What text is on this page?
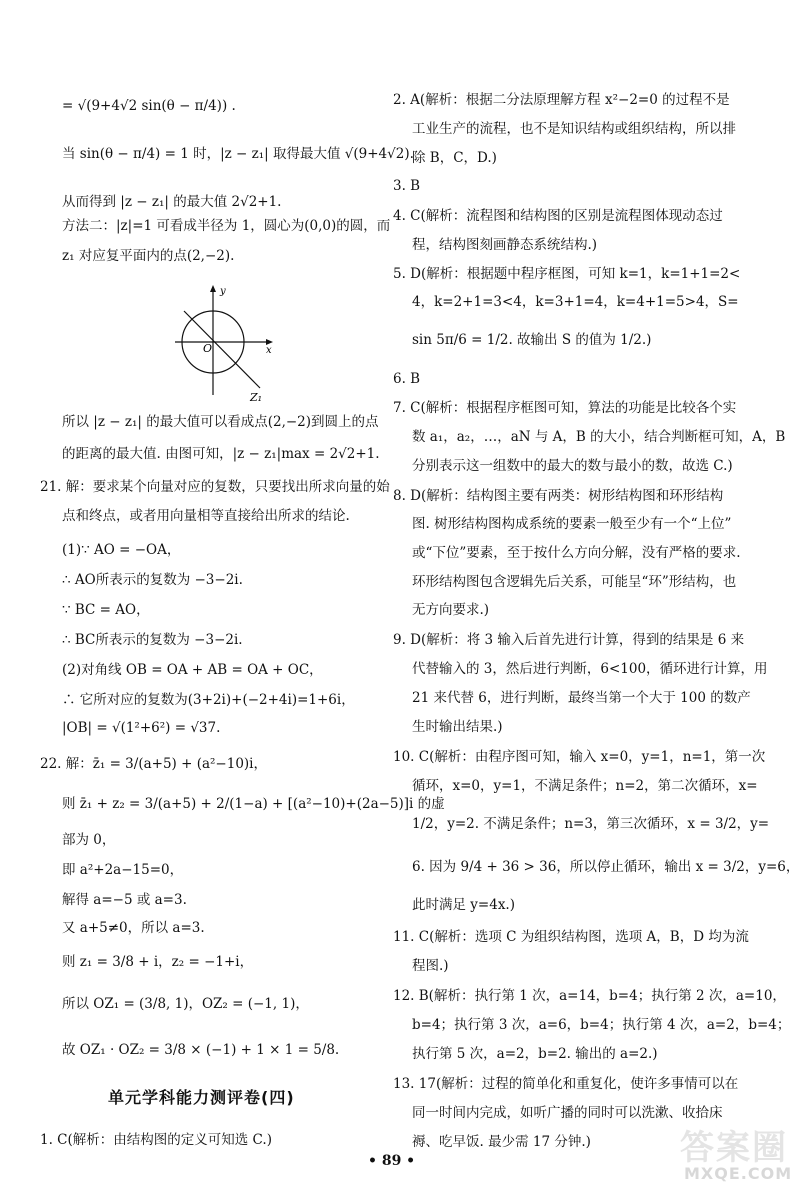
= √(9+4√2 sin(θ − π/4)) .
当 sin(θ − π/4) = 1 时，|z − z₁| 取得最大值 √(9+4√2).
从而得到 |z − z₁| 的最大值 2√2+1.
方法二：|z|=1 可看成半径为 1，圆心为(0,0)的圆，而
z₁ 对应复平面内的点(2,−2).
所以 |z − z₁| 的最大值可以看成点(2,−2)到圆上的点
的距离的最大值. 由图可知，|z − z₁|max = 2√2+1.
21. 解：要求某个向量对应的复数，只要找出所求向量的始
点和终点，或者用向量相等直接给出所求的结论.
(1)∵ AO = −OA，
∴ AO所表示的复数为 −3−2i.
∵ BC = AO，
∴ BC所表示的复数为 −3−2i.
(2)对角线 OB = OA + AB = OA + OC，
∴ 它所对应的复数为(3+2i)+(−2+4i)=1+6i，
|OB| = √(1²+6²) = √37.
22. 解：z̄₁ = 3/(a+5) + (a²−10)i，
则 z̄₁ + z₂ = 3/(a+5) + 2/(1−a) + [(a²−10)+(2a−5)]i 的虚
部为 0，
即 a²+2a−15=0，
解得 a=−5 或 a=3.
又 a+5≠0，所以 a=3.
则 z₁ = 3/8 + i，z₂ = −1+i，
所以 OZ₁ = (3/8, 1)，OZ₂ = (−1, 1)，
故 OZ₁ · OZ₂ = 3/8 × (−1) + 1 × 1 = 5/8.
单元学科能力测评卷(四)
1. C(解析：由结构图的定义可知选 C.)
y
x
O
Z₁
2. A(解析：根据二分法原理解方程 x²−2=0 的过程不是
工业生产的流程，也不是知识结构或组织结构，所以排
除 B，C，D.)
3. B
4. C(解析：流程图和结构图的区别是流程图体现动态过
程，结构图刻画静态系统结构.)
5. D(解析：根据题中程序框图，可知 k=1，k=1+1=2<
4，k=2+1=3<4，k=3+1=4，k=4+1=5>4，S=
sin 5π/6 = 1/2. 故输出 S 的值为 1/2.)
6. B
7. C(解析：根据程序框图可知，算法的功能是比较各个实
数 a₁，a₂，…，aN 与 A，B 的大小，结合判断框可知，A，B
分别表示这一组数中的最大的数与最小的数，故选 C.)
8. D(解析：结构图主要有两类：树形结构图和环形结构
图. 树形结构图构成系统的要素一般至少有一个“上位”
或“下位”要素，至于按什么方向分解，没有严格的要求.
环形结构图包含逻辑先后关系，可能呈“环”形结构，也
无方向要求.)
9. D(解析：将 3 输入后首先进行计算，得到的结果是 6 来
代替输入的 3，然后进行判断，6<100，循环进行计算，用
21 来代替 6，进行判断，最终当第一个大于 100 的数产
生时输出结果.)
10. C(解析：由程序图可知，输入 x=0，y=1，n=1，第一次
循环，x=0，y=1，不满足条件；n=2，第二次循环，x=
1/2，y=2. 不满足条件；n=3，第三次循环，x = 3/2，y=
6. 因为 9/4 + 36 > 36，所以停止循环，输出 x = 3/2，y=6，
此时满足 y=4x.)
11. C(解析：选项 C 为组织结构图，选项 A，B，D 均为流
程图.)
12. B(解析：执行第 1 次，a=14，b=4；执行第 2 次，a=10，
b=4；执行第 3 次，a=6，b=4；执行第 4 次，a=2，b=4；
执行第 5 次，a=2，b=2. 输出的 a=2.)
13. 17(解析：过程的简单化和重复化，使许多事情可以在
同一时间内完成，如听广播的同时可以洗漱、收拾床
褥、吃早饭. 最少需 17 分钟.)
• 89 •	答案圈
MXQE.COM
